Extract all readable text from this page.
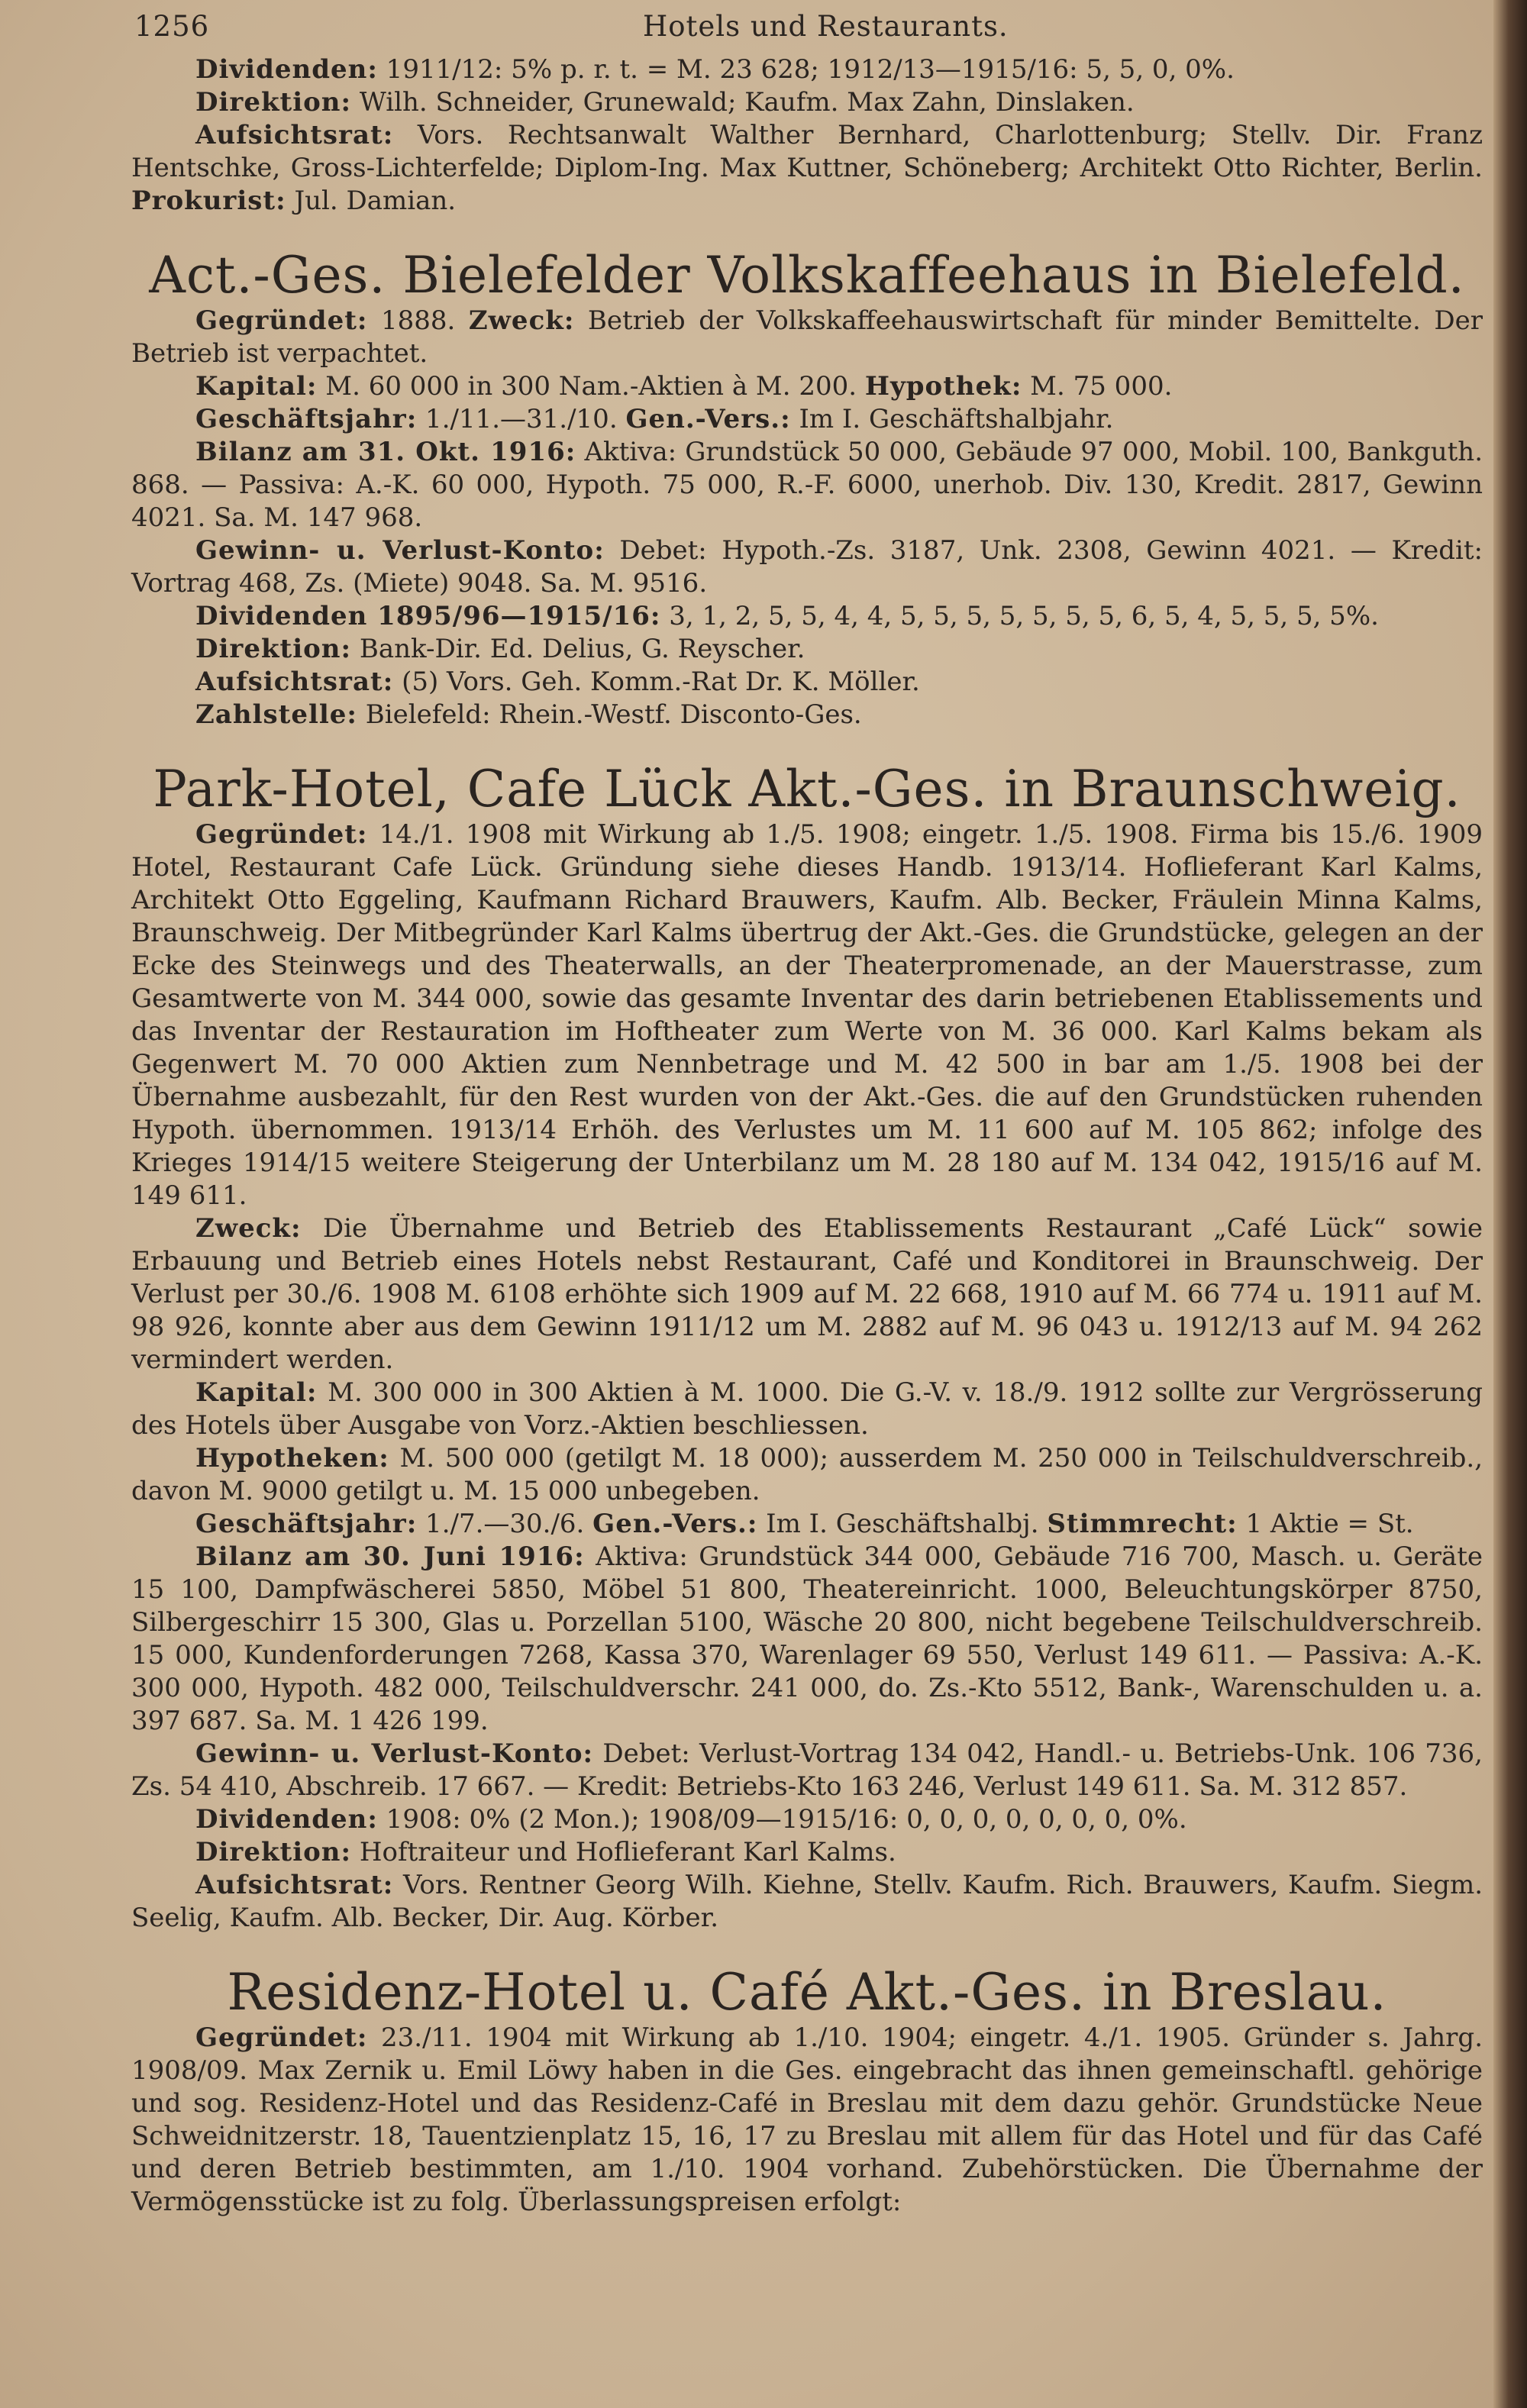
1256	Hotels und Restaurants.

Dividenden: 1911/12: 5% p. r. t. = M. 23 628; 1912/13—1915/16: 5, 5, 0, 0%.

Direktion: Wilh. Schneider, Grunewald; Kaufm. Max Zahn, Dinslaken.

Aufsichtsrat: Vors. Rechtsanwalt Walther Bernhard, Charlottenburg; Stellv. Dir. Franz Hentschke, Gross-Lichterfelde; Diplom-Ing. Max Kuttner, Schöneberg; Architekt Otto Richter, Berlin. Prokurist: Jul. Damian.

Act.-Ges. Bielefelder Volkskaffeehaus in Bielefeld.

Gegründet: 1888. Zweck: Betrieb der Volkskaffeehauswirtschaft für minder Bemittelte. Der Betrieb ist verpachtet.

Kapital: M. 60 000 in 300 Nam.-Aktien à M. 200. Hypothek: M. 75 000.

Geschäftsjahr: 1./11.—31./10. Gen.-Vers.: Im I. Geschäftshalbjahr.

Bilanz am 31. Okt. 1916: Aktiva: Grundstück 50 000, Gebäude 97 000, Mobil. 100, Bankguth. 868. — Passiva: A.-K. 60 000, Hypoth. 75 000, R.-F. 6000, unerhob. Div. 130, Kredit. 2817, Gewinn 4021. Sa. M. 147 968.

Gewinn- u. Verlust-Konto: Debet: Hypoth.-Zs. 3187, Unk. 2308, Gewinn 4021. — Kredit: Vortrag 468, Zs. (Miete) 9048. Sa. M. 9516.

Dividenden 1895/96—1915/16: 3, 1, 2, 5, 5, 4, 4, 5, 5, 5, 5, 5, 5, 5, 6, 5, 4, 5, 5, 5, 5%.

Direktion: Bank-Dir. Ed. Delius, G. Reyscher.

Aufsichtsrat: (5) Vors. Geh. Komm.-Rat Dr. K. Möller.

Zahlstelle: Bielefeld: Rhein.-Westf. Disconto-Ges.

Park-Hotel, Cafe Lück Akt.-Ges. in Braunschweig.

Gegründet: 14./1. 1908 mit Wirkung ab 1./5. 1908; eingetr. 1./5. 1908. Firma bis 15./6. 1909 Hotel, Restaurant Cafe Lück. Gründung siehe dieses Handb. 1913/14. Hoflieferant Karl Kalms, Architekt Otto Eggeling, Kaufmann Richard Brauwers, Kaufm. Alb. Becker, Fräulein Minna Kalms, Braunschweig. Der Mitbegründer Karl Kalms übertrug der Akt.-Ges. die Grundstücke, gelegen an der Ecke des Steinwegs und des Theaterwalls, an der Theaterpromenade, an der Mauerstrasse, zum Gesamtwerte von M. 344 000, sowie das gesamte Inventar des darin betriebenen Etablissements und das Inventar der Restauration im Hoftheater zum Werte von M. 36 000. Karl Kalms bekam als Gegenwert M. 70 000 Aktien zum Nennbetrage und M. 42 500 in bar am 1./5. 1908 bei der Übernahme ausbezahlt, für den Rest wurden von der Akt.-Ges. die auf den Grundstücken ruhenden Hypoth. übernommen. 1913/14 Erhöh. des Verlustes um M. 11 600 auf M. 105 862; infolge des Krieges 1914/15 weitere Steigerung der Unterbilanz um M. 28 180 auf M. 134 042, 1915/16 auf M. 149 611.

Zweck: Die Übernahme und Betrieb des Etablissements Restaurant „Café Lück“ sowie Erbauung und Betrieb eines Hotels nebst Restaurant, Café und Konditorei in Braunschweig. Der Verlust per 30./6. 1908 M. 6108 erhöhte sich 1909 auf M. 22 668, 1910 auf M. 66 774 u. 1911 auf M. 98 926, konnte aber aus dem Gewinn 1911/12 um M. 2882 auf M. 96 043 u. 1912/13 auf M. 94 262 vermindert werden.

Kapital: M. 300 000 in 300 Aktien à M. 1000. Die G.-V. v. 18./9. 1912 sollte zur Vergrösserung des Hotels über Ausgabe von Vorz.-Aktien beschliessen.

Hypotheken: M. 500 000 (getilgt M. 18 000); ausserdem M. 250 000 in Teilschuldverschreib., davon M. 9000 getilgt u. M. 15 000 unbegeben.

Geschäftsjahr: 1./7.—30./6. Gen.-Vers.: Im I. Geschäftshalbj. Stimmrecht: 1 Aktie = St.

Bilanz am 30. Juni 1916: Aktiva: Grundstück 344 000, Gebäude 716 700, Masch. u. Geräte 15 100, Dampfwäscherei 5850, Möbel 51 800, Theatereinricht. 1000, Beleuchtungskörper 8750, Silbergeschirr 15 300, Glas u. Porzellan 5100, Wäsche 20 800, nicht begebene Teilschuldverschreib. 15 000, Kundenforderungen 7268, Kassa 370, Warenlager 69 550, Verlust 149 611. — Passiva: A.-K. 300 000, Hypoth. 482 000, Teilschuldverschr. 241 000, do. Zs.-Kto 5512, Bank-, Warenschulden u. a. 397 687. Sa. M. 1 426 199.

Gewinn- u. Verlust-Konto: Debet: Verlust-Vortrag 134 042, Handl.- u. Betriebs-Unk. 106 736, Zs. 54 410, Abschreib. 17 667. — Kredit: Betriebs-Kto 163 246, Verlust 149 611. Sa. M. 312 857.

Dividenden: 1908: 0% (2 Mon.); 1908/09—1915/16: 0, 0, 0, 0, 0, 0, 0, 0%.

Direktion: Hoftraiteur und Hoflieferant Karl Kalms.

Aufsichtsrat: Vors. Rentner Georg Wilh. Kiehne, Stellv. Kaufm. Rich. Brauwers, Kaufm. Siegm. Seelig, Kaufm. Alb. Becker, Dir. Aug. Körber.

Residenz-Hotel u. Café Akt.-Ges. in Breslau.

Gegründet: 23./11. 1904 mit Wirkung ab 1./10. 1904; eingetr. 4./1. 1905. Gründer s. Jahrg. 1908/09. Max Zernik u. Emil Löwy haben in die Ges. eingebracht das ihnen gemeinschaftl. gehörige und sog. Residenz-Hotel und das Residenz-Café in Breslau mit dem dazu gehör. Grundstücke Neue Schweidnitzerstr. 18, Tauentzienplatz 15, 16, 17 zu Breslau mit allem für das Hotel und für das Café und deren Betrieb bestimmten, am 1./10. 1904 vorhand. Zubehörstücken. Die Übernahme der Vermögensstücke ist zu folg. Überlassungspreisen erfolgt:
